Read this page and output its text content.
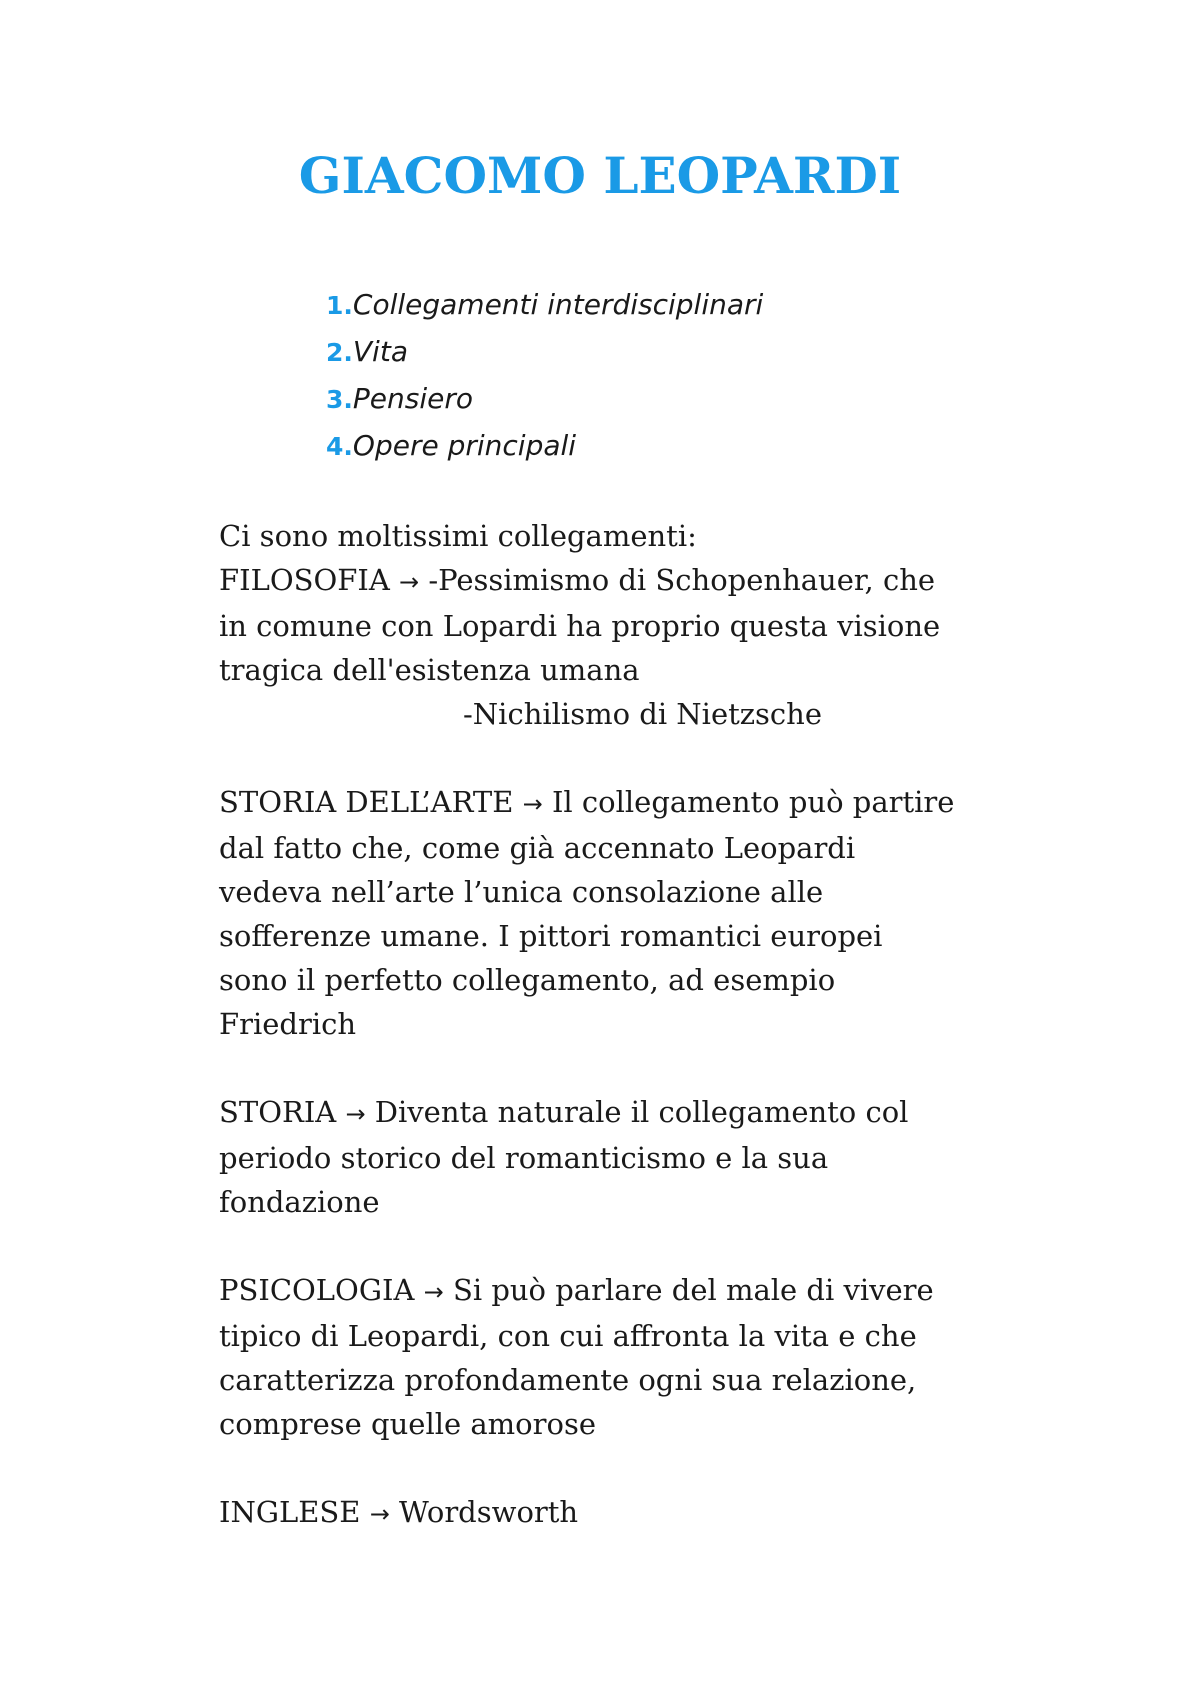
GIACOMO LEOPARDI
1.Collegamenti interdisciplinari
2.Vita
3.Pensiero
4.Opere principali

Ci sono moltissimi collegamenti:

FILOSOFIA → -Pessimismo di Schopenhauer, che

in comune con Lopardi ha proprio questa visione

tragica dell'esistenza umana

-Nichilismo di Nietzsche

STORIA DELL’ARTE → Il collegamento può partire

dal fatto che, come già accennato Leopardi

vedeva nell’arte l’unica consolazione alle

sofferenze umane. I pittori romantici europei

sono il perfetto collegamento, ad esempio

Friedrich

STORIA → Diventa naturale il collegamento col

periodo storico del romanticismo e la sua

fondazione

PSICOLOGIA → Si può parlare del male di vivere

tipico di Leopardi, con cui affronta la vita e che

caratterizza profondamente ogni sua relazione,

comprese quelle amorose

INGLESE → Wordsworth
